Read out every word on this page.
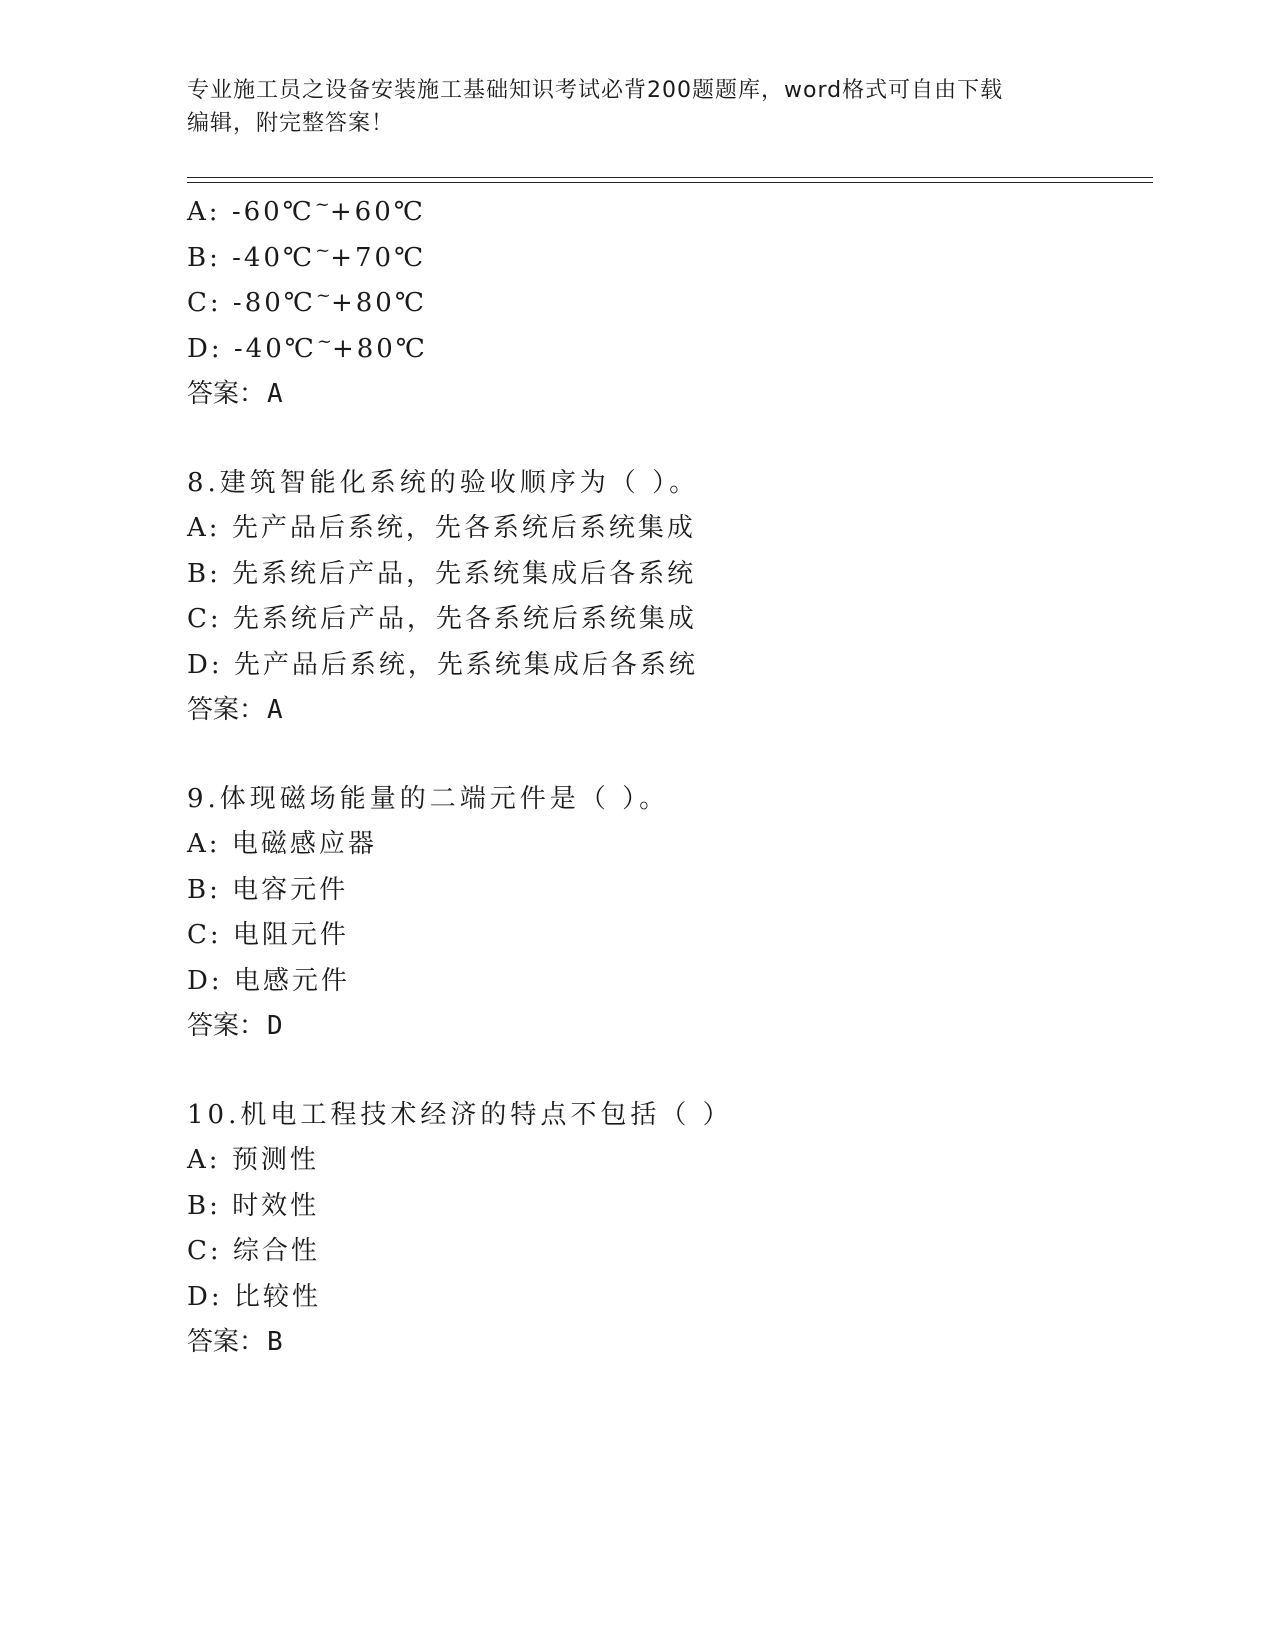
专业施工员之设备安装施工基础知识考试必背200题题库，word格式可自由下载
编辑，附完整答案！
A: -60℃~+60℃
B: -40℃~+70℃
C: -80℃~+80℃
D: -40℃~+80℃
答案：A
8.建筑智能化系统的验收顺序为（ ）。
A: 先产品后系统，先各系统后系统集成
B: 先系统后产品，先系统集成后各系统
C: 先系统后产品，先各系统后系统集成
D: 先产品后系统，先系统集成后各系统
答案：A
9.体现磁场能量的二端元件是（ ）。
A: 电磁感应器
B: 电容元件
C: 电阻元件
D: 电感元件
答案：D
10.机电工程技术经济的特点不包括（ ）
A: 预测性
B: 时效性
C: 综合性
D: 比较性
答案：B
